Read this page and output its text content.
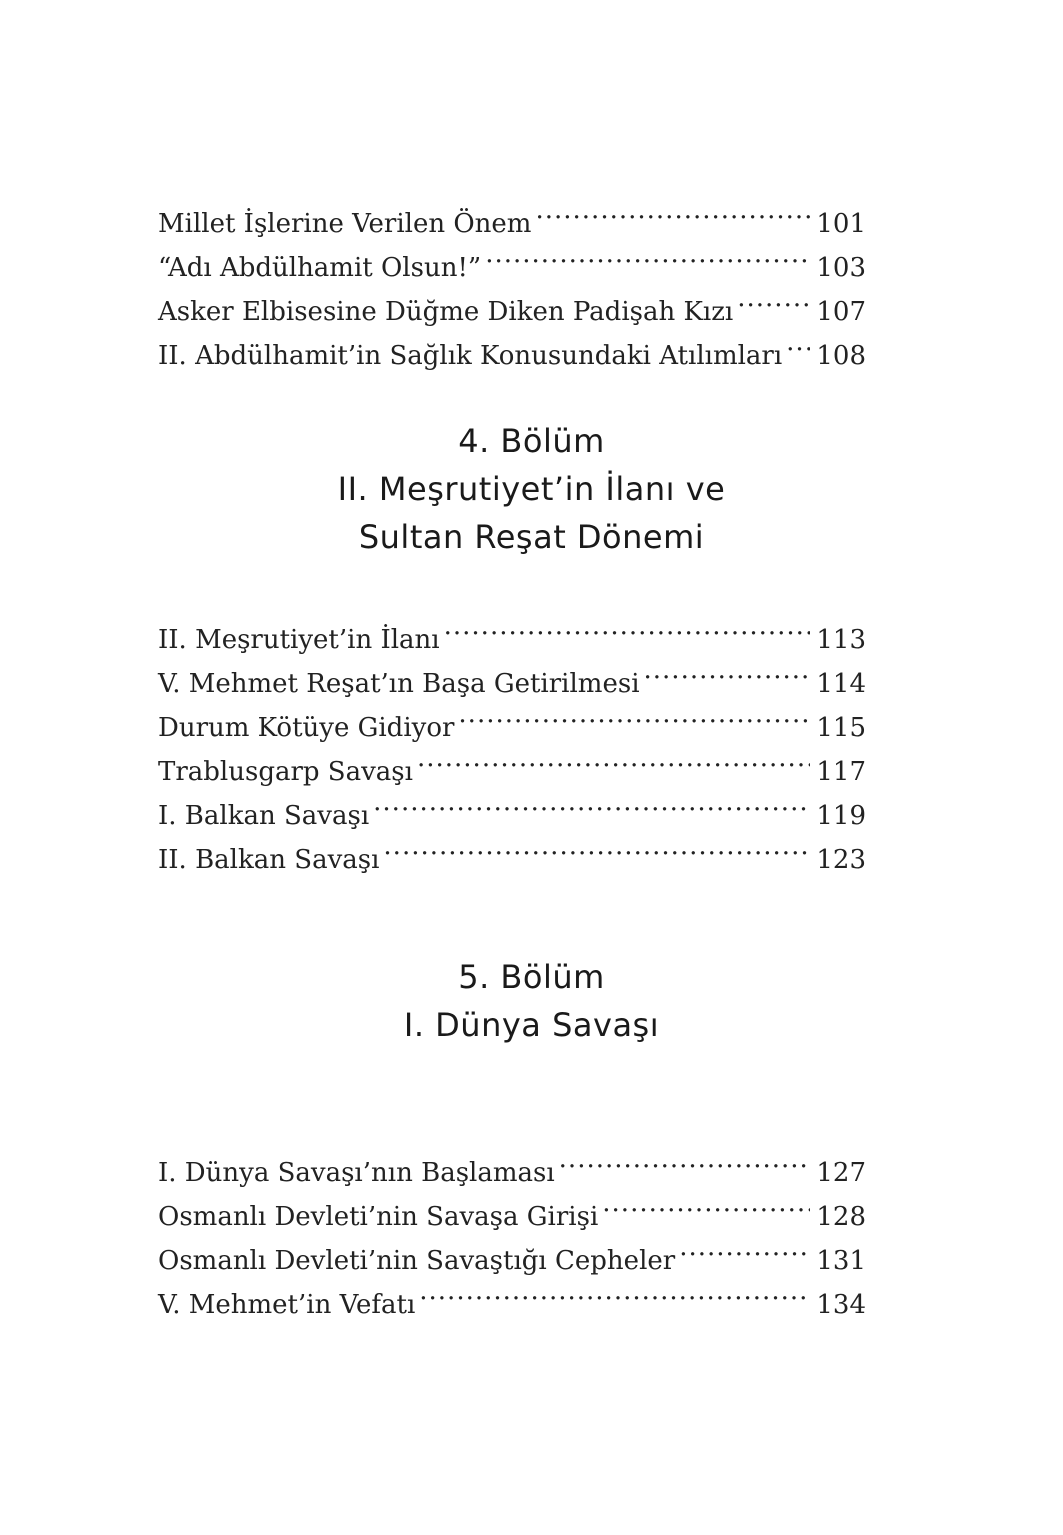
Millet İşlerine Verilen Önem .....	101
“Adı Abdülhamit Olsun!” .....	103
Asker Elbisesine Düğme Diken Padişah Kızı .....	107
II. Abdülhamit’in Sağlık Konusundaki Atılımları ..... 108
4. Bölüm
II. Meşrutiyet’in İlanı ve
Sultan Reşat Dönemi
II. Meşrutiyet’in İlanı .....	113
V. Mehmet Reşat’ın Başa Getirilmesi .....	114
Durum Kötüye Gidiyor .....	115
Trablusgarp Savaşı .....	117
I. Balkan Savaşı .....	119
II. Balkan Savaşı .....	123
5. Bölüm
I. Dünya Savaşı
I. Dünya Savaşı’nın Başlaması .....	127
Osmanlı Devleti’nin Savaşa Girişi .....	128
Osmanlı Devleti’nin Savaştığı Cepheler .....	131
V. Mehmet’in Vefatı .....	134
